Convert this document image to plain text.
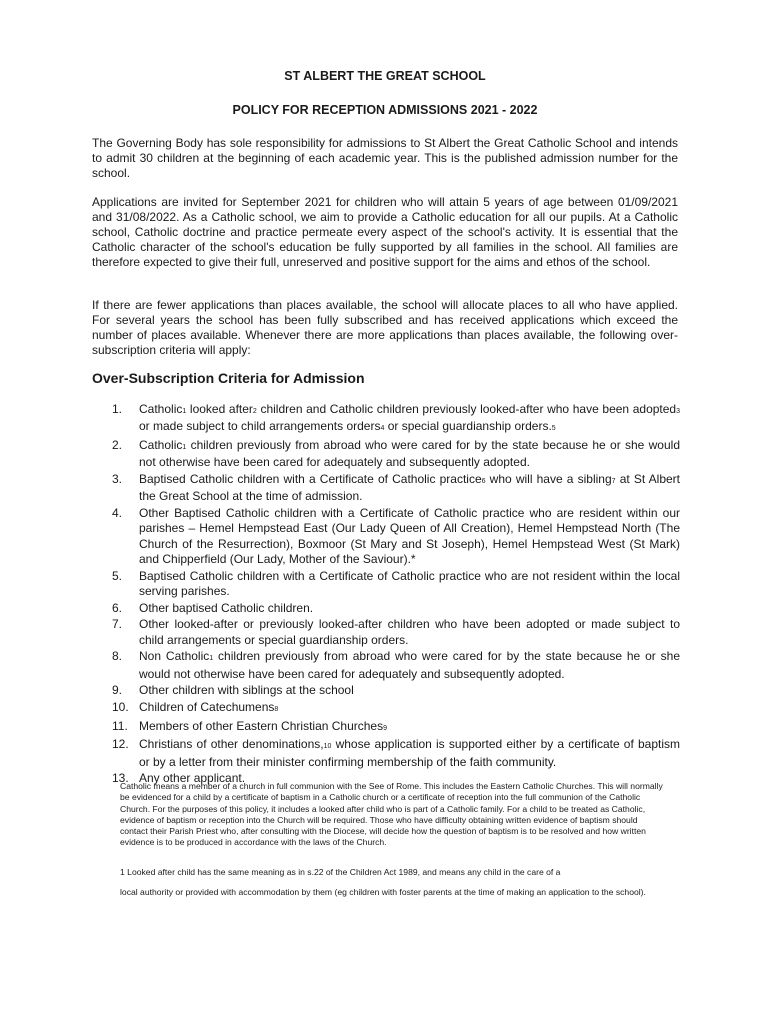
ST ALBERT THE GREAT SCHOOL
POLICY FOR RECEPTION ADMISSIONS 2021 - 2022
The Governing Body has sole responsibility for admissions to St Albert the Great Catholic School and intends to admit 30 children at the beginning of each academic year. This is the published admission number for the school.
Applications are invited for September 2021 for children who will attain 5 years of age between 01/09/2021 and 31/08/2022. As a Catholic school, we aim to provide a Catholic education for all our pupils. At a Catholic school, Catholic doctrine and practice permeate every aspect of the school's activity. It is essential that the Catholic character of the school's education be fully supported by all families in the school. All families are therefore expected to give their full, unreserved and positive support for the aims and ethos of the school.
If there are fewer applications than places available, the school will allocate places to all who have applied. For several years the school has been fully subscribed and has received applications which exceed the number of places available. Whenever there are more applications than places available, the following over-subscription criteria will apply:
Over-Subscription Criteria for Admission
1.	Catholic1 looked after2 children and Catholic children previously looked-after who have been adopted3 or made subject to child arrangements orders4 or special guardianship orders.5
2.	Catholic1 children previously from abroad who were cared for by the state because he or she would not otherwise have been cared for adequately and subsequently adopted.
3.	Baptised Catholic children with a Certificate of Catholic practice6 who will have a sibling7 at St Albert the Great School at the time of admission.
4.	Other Baptised Catholic children with a Certificate of Catholic practice who are resident within our parishes – Hemel Hempstead East (Our Lady Queen of All Creation), Hemel Hempstead North (The Church of the Resurrection), Boxmoor (St Mary and St Joseph), Hemel Hempstead West (St Mark) and Chipperfield (Our Lady, Mother of the Saviour).*
5.	Baptised Catholic children with a Certificate of Catholic practice who are not resident within the local serving parishes.
6.	Other baptised Catholic children.
7.	Other looked-after or previously looked-after children who have been adopted or made subject to child arrangements or special guardianship orders.
8.	Non Catholic1 children previously from abroad who were cared for by the state because he or she would not otherwise have been cared for adequately and subsequently adopted.
9.	Other children with siblings at the school
10. Children of Catechumens8
11. Members of other Eastern Christian Churches9
12. Christians of other denominations,10 whose application is supported either by a certificate of baptism or by a letter from their minister confirming membership of the faith community.
13. Any other applicant.
Catholic means a member of a church in full communion with the See of Rome. This includes the Eastern Catholic Churches. This will normally be evidenced for a child by a certificate of baptism in a Catholic church or a certificate of reception into the full communion of the Catholic Church. For the purposes of this policy, it includes a looked after child who is part of a Catholic family. For a child to be treated as Catholic, evidence of baptism or reception into the Church will be required. Those who have difficulty obtaining written evidence of baptism should contact their Parish Priest who, after consulting with the Diocese, will decide how the question of baptism is to be resolved and how written evidence is to be produced in accordance with the laws of the Church.
1 Looked after child has the same meaning as in s.22 of the Children Act 1989, and means any child in the care of a
local authority or provided with accommodation by them (eg children with foster parents at the time of making an application to the school).
